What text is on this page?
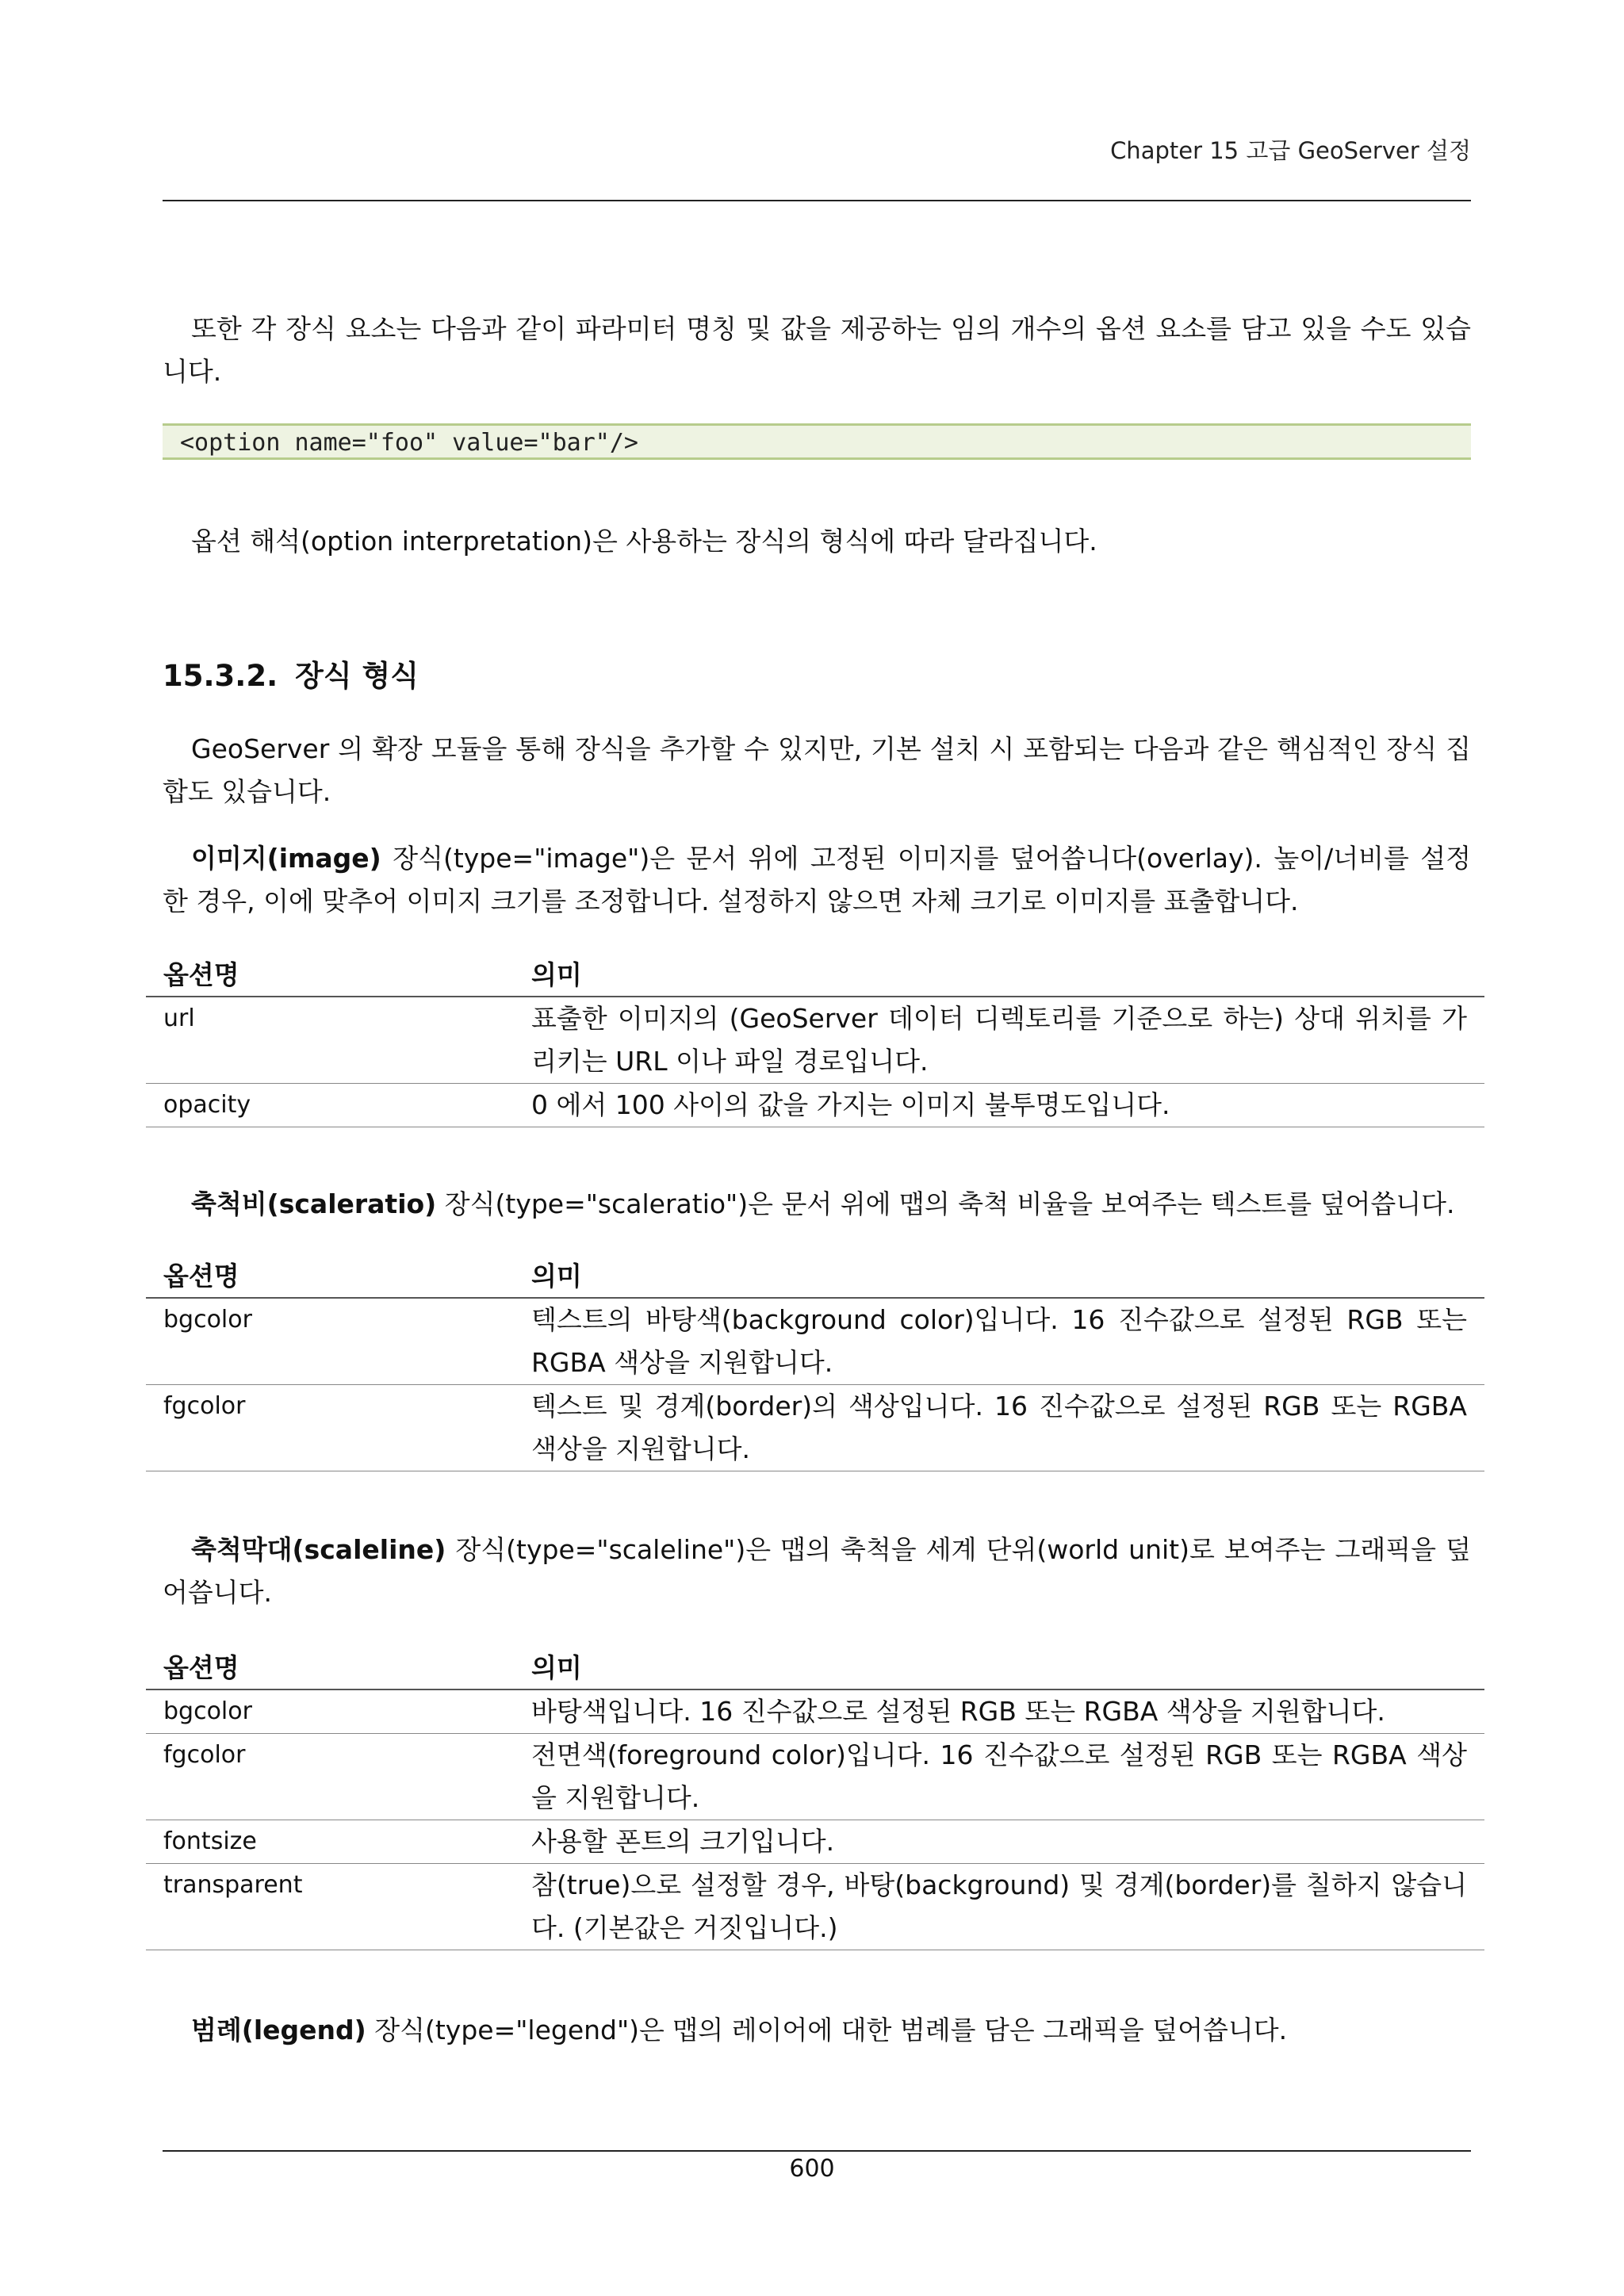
Chapter 15 고급 GeoServer 설정

또한 각 장식 요소는 다음과 같이 파라미터 명칭 및 값을 제공하는 임의 개수의 옵션 요소를 담고 있을 수도 있습니다.

<option name="foo" value="bar"/>

옵션 해석(option interpretation)은 사용하는 장식의 형식에 따라 달라집니다.

15.3.2. 장식 형식

GeoServer 의 확장 모듈을 통해 장식을 추가할 수 있지만, 기본 설치 시 포함되는 다음과 같은 핵심적인 장식 집합도 있습니다.

이미지(image) 장식(type="image")은 문서 위에 고정된 이미지를 덮어씁니다(overlay). 높이/너비를 설정한 경우, 이에 맞추어 이미지 크기를 조정합니다. 설정하지 않으면 자체 크기로 이미지를 표출합니다.

옵션명	의미
url	표출한 이미지의 (GeoServer 데이터 디렉토리를 기준으로 하는) 상대 위치를 가리키는 URL 이나 파일 경로입니다.
opacity	0 에서 100 사이의 값을 가지는 이미지 불투명도입니다.

축척비(scaleratio) 장식(type="scaleratio")은 문서 위에 맵의 축척 비율을 보여주는 텍스트를 덮어씁니다.

옵션명	의미
bgcolor	텍스트의 바탕색(background color)입니다. 16 진수값으로 설정된 RGB 또는 RGBA 색상을 지원합니다.
fgcolor	텍스트 및 경계(border)의 색상입니다. 16 진수값으로 설정된 RGB 또는 RGBA 색상을 지원합니다.

축척막대(scaleline) 장식(type="scaleline")은 맵의 축척을 세계 단위(world unit)로 보여주는 그래픽을 덮어씁니다.

옵션명	의미
bgcolor	바탕색입니다. 16 진수값으로 설정된 RGB 또는 RGBA 색상을 지원합니다.
fgcolor	전면색(foreground color)입니다. 16 진수값으로 설정된 RGB 또는 RGBA 색상을 지원합니다.
fontsize	사용할 폰트의 크기입니다.
transparent	참(true)으로 설정할 경우, 바탕(background) 및 경계(border)를 칠하지 않습니다. (기본값은 거짓입니다.)

범례(legend) 장식(type="legend")은 맵의 레이어에 대한 범례를 담은 그래픽을 덮어씁니다.

600
